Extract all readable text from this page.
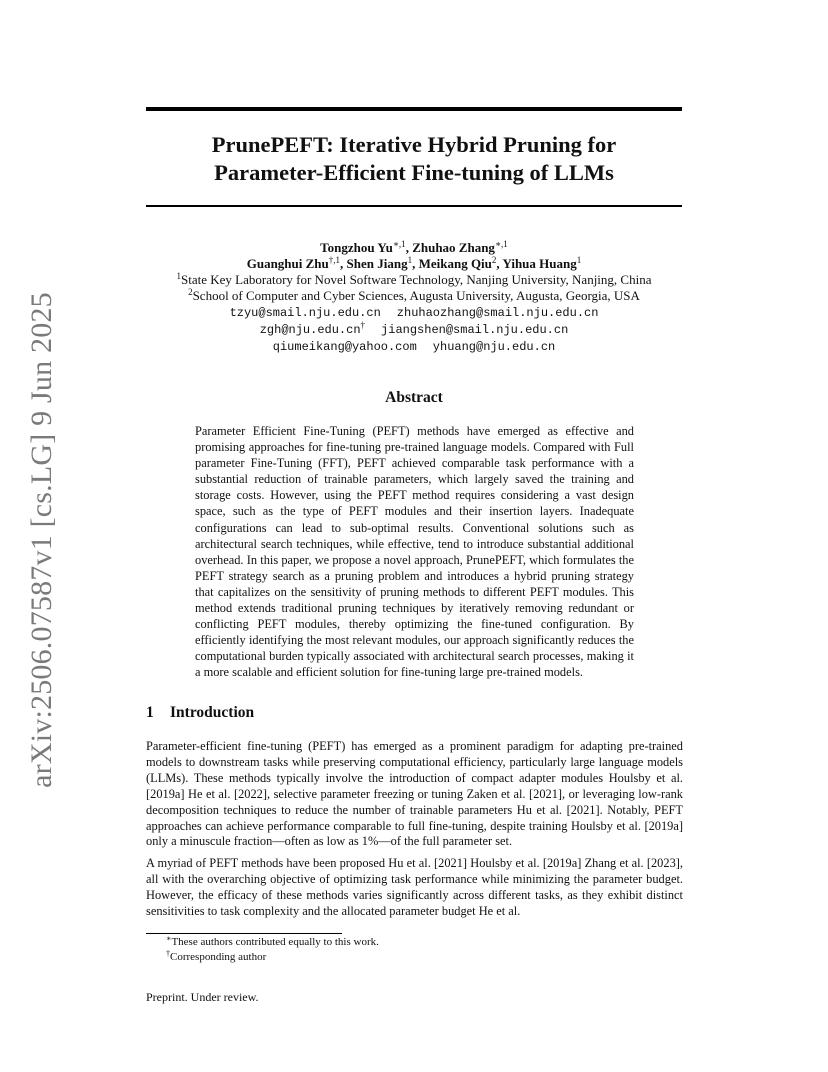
arXiv:2506.07587v1 [cs.LG] 9 Jun 2025
PrunePEFT: Iterative Hybrid Pruning for
Parameter-Efficient Fine-tuning of LLMs
Tongzhou $Yu^{∗,1}$, Zhuhao Zhang$^{∗,1}$
Guanghui Zhu$^{\dagger,1}$, Shen Jiang$^1$, Meikang Qiu$^2$, Yihua Huang$^1$
$^1$State Key Laboratory for Novel Software Technology, Nanjing University, Nanjing, China
$^2$School of Computer and Cyber Sciences, Augusta University, Augusta, Georgia, USA
tzyu@smail.nju.edu.cn zhuhaozhang@smail.nju.edu.cn
zgh@nju.edu.cn† jiangshen@smail.nju.edu.cn
qiumeikang@yahoo.com yhuang@nju.edu.cn
Abstract
Parameter Efficient Fine-Tuning (PEFT) methods have emerged as effective and promising approaches for fine-tuning pre-trained language models. Compared with Full parameter Fine-Tuning (FFT), PEFT achieved comparable task performance with a substantial reduction of trainable parameters, which largely saved the training and storage costs. However, using the PEFT method requires considering a vast design space, such as the type of PEFT modules and their insertion layers. Inadequate configurations can lead to sub-optimal results. Conventional solutions such as architectural search techniques, while effective, tend to introduce substantial additional overhead. In this paper, we propose a novel approach, PrunePEFT, which formulates the PEFT strategy search as a pruning problem and introduces a hybrid pruning strategy that capitalizes on the sensitivity of pruning methods to different PEFT modules. This method extends traditional pruning techniques by iteratively removing redundant or conflicting PEFT modules, thereby optimizing the fine-tuned configuration. By efficiently identifying the most relevant modules, our approach significantly reduces the computational burden typically associated with architectural search processes, making it a more scalable and efficient solution for fine-tuning large pre-trained models.
1 Introduction

Parameter-efficient fine-tuning (PEFT) has emerged as a prominent paradigm for adapting pre-trained models to downstream tasks while preserving computational efficiency, particularly large language models (LLMs). These methods typically involve the introduction of compact adapter modules Houlsby et al. [2019a] He et al. [2022], selective parameter freezing or tuning Zaken et al. [2021], or leveraging low-rank decomposition techniques to reduce the number of trainable parameters Hu et al. [2021]. Notably, PEFT approaches can achieve performance comparable to full fine-tuning, despite training Houlsby et al. [2019a] only a minuscule fraction—often as low as 1%—of the full parameter set.

A myriad of PEFT methods have been proposed Hu et al. [2021] Houlsby et al. [2019a] Zhang et al. [2023], all with the overarching objective of optimizing task performance while minimizing the parameter budget. However, the efficacy of these methods varies significantly across different tasks, as they exhibit distinct sensitivities to task complexity and the allocated parameter budget He et al.

∗These authors contributed equally to this work.
†Corresponding author
Preprint. Under review.
